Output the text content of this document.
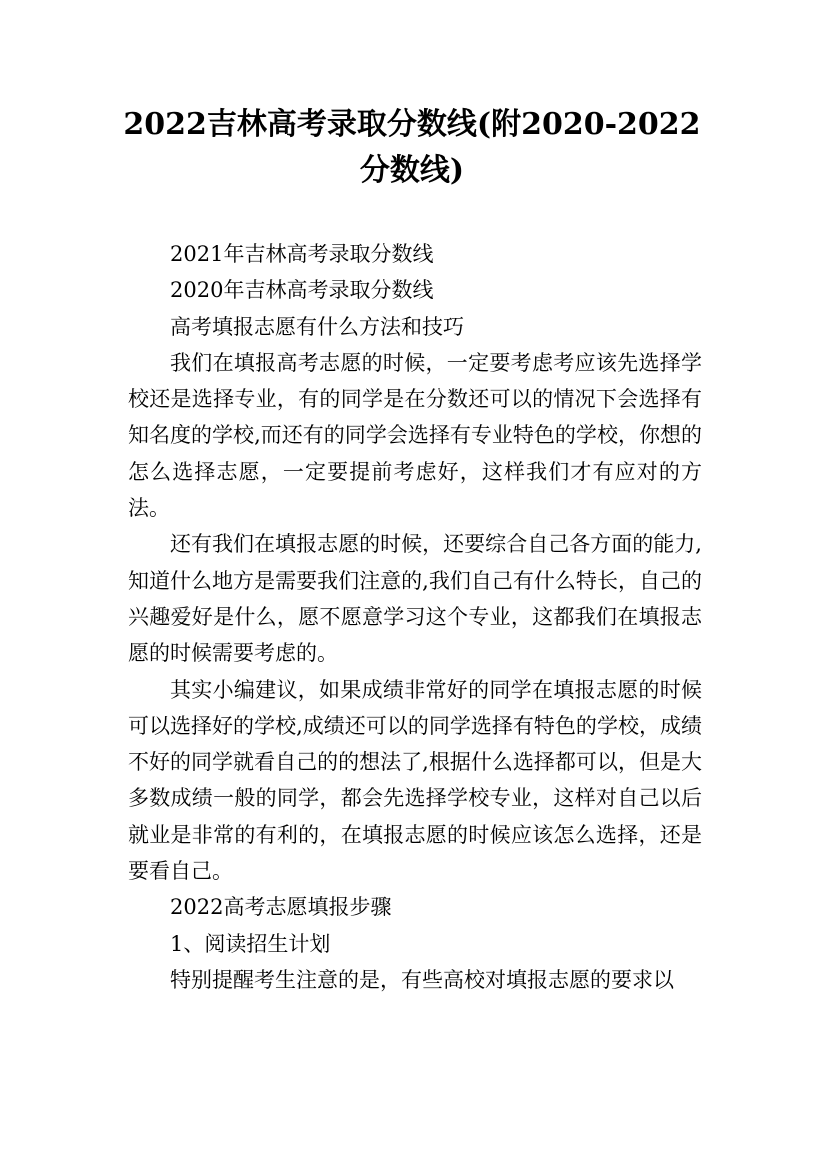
2022吉林高考录取分数线(附2020-2022分数线)

2021年吉林高考录取分数线

2020年吉林高考录取分数线

高考填报志愿有什么方法和技巧

我们在填报高考志愿的时候，一定要考虑考应该先选择学校还是选择专业，有的同学是在分数还可以的情况下会选择有知名度的学校,而还有的同学会选择有专业特色的学校，你想的怎么选择志愿，一定要提前考虑好，这样我们才有应对的方法。

还有我们在填报志愿的时候，还要综合自己各方面的能力,知道什么地方是需要我们注意的,我们自己有什么特长，自己的兴趣爱好是什么，愿不愿意学习这个专业，这都我们在填报志愿的时候需要考虑的。

其实小编建议，如果成绩非常好的同学在填报志愿的时候可以选择好的学校,成绩还可以的同学选择有特色的学校，成绩不好的同学就看自己的的想法了,根据什么选择都可以，但是大多数成绩一般的同学，都会先选择学校专业，这样对自己以后就业是非常的有利的，在填报志愿的时候应该怎么选择，还是要看自己。

2022高考志愿填报步骤

1、阅读招生计划

特别提醒考生注意的是，有些高校对填报志愿的要求以
